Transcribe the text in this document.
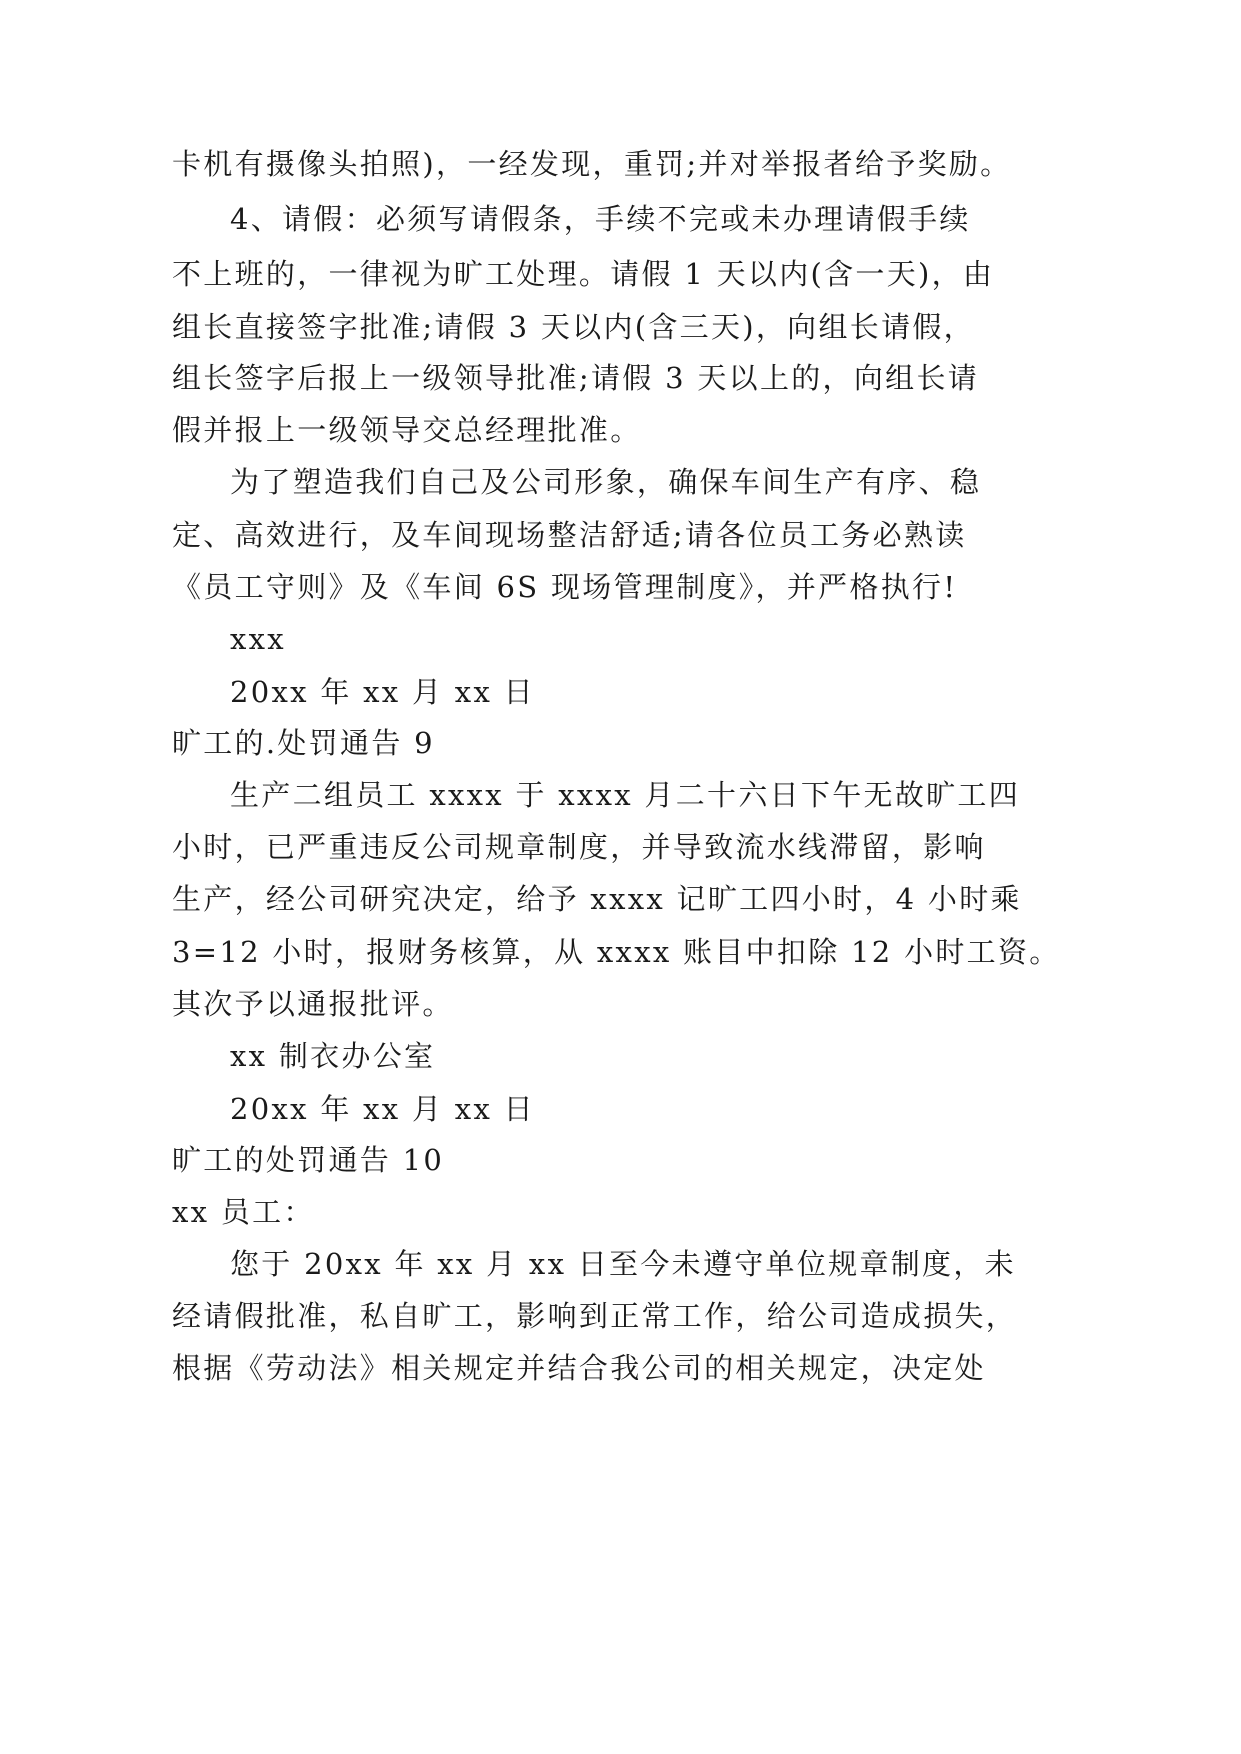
卡机有摄像头拍照)，一经发现，重罚;并对举报者给予奖励。
4、请假：必须写请假条，手续不完或未办理请假手续
不上班的，一律视为旷工处理。请假 1 天以内(含一天)，由
组长直接签字批准;请假 3 天以内(含三天)，向组长请假，
组长签字后报上一级领导批准;请假 3 天以上的，向组长请
假并报上一级领导交总经理批准。
为了塑造我们自己及公司形象，确保车间生产有序、稳
定、高效进行，及车间现场整洁舒适;请各位员工务必熟读
《员工守则》及《车间 6S 现场管理制度》，并严格执行!
xxx
20xx 年 xx 月 xx 日
旷工的.处罚通告 9
生产二组员工 xxxx 于 xxxx 月二十六日下午无故旷工四
小时，已严重违反公司规章制度，并导致流水线滞留，影响
生产，经公司研究决定，给予 xxxx 记旷工四小时，4 小时乘
3=12 小时，报财务核算，从 xxxx 账目中扣除 12 小时工资。
其次予以通报批评。
xx 制衣办公室
20xx 年 xx 月 xx 日
旷工的处罚通告 10
xx 员工：
您于 20xx 年 xx 月 xx 日至今未遵守单位规章制度，未
经请假批准，私自旷工，影响到正常工作，给公司造成损失，
根据《劳动法》相关规定并结合我公司的相关规定，决定处
